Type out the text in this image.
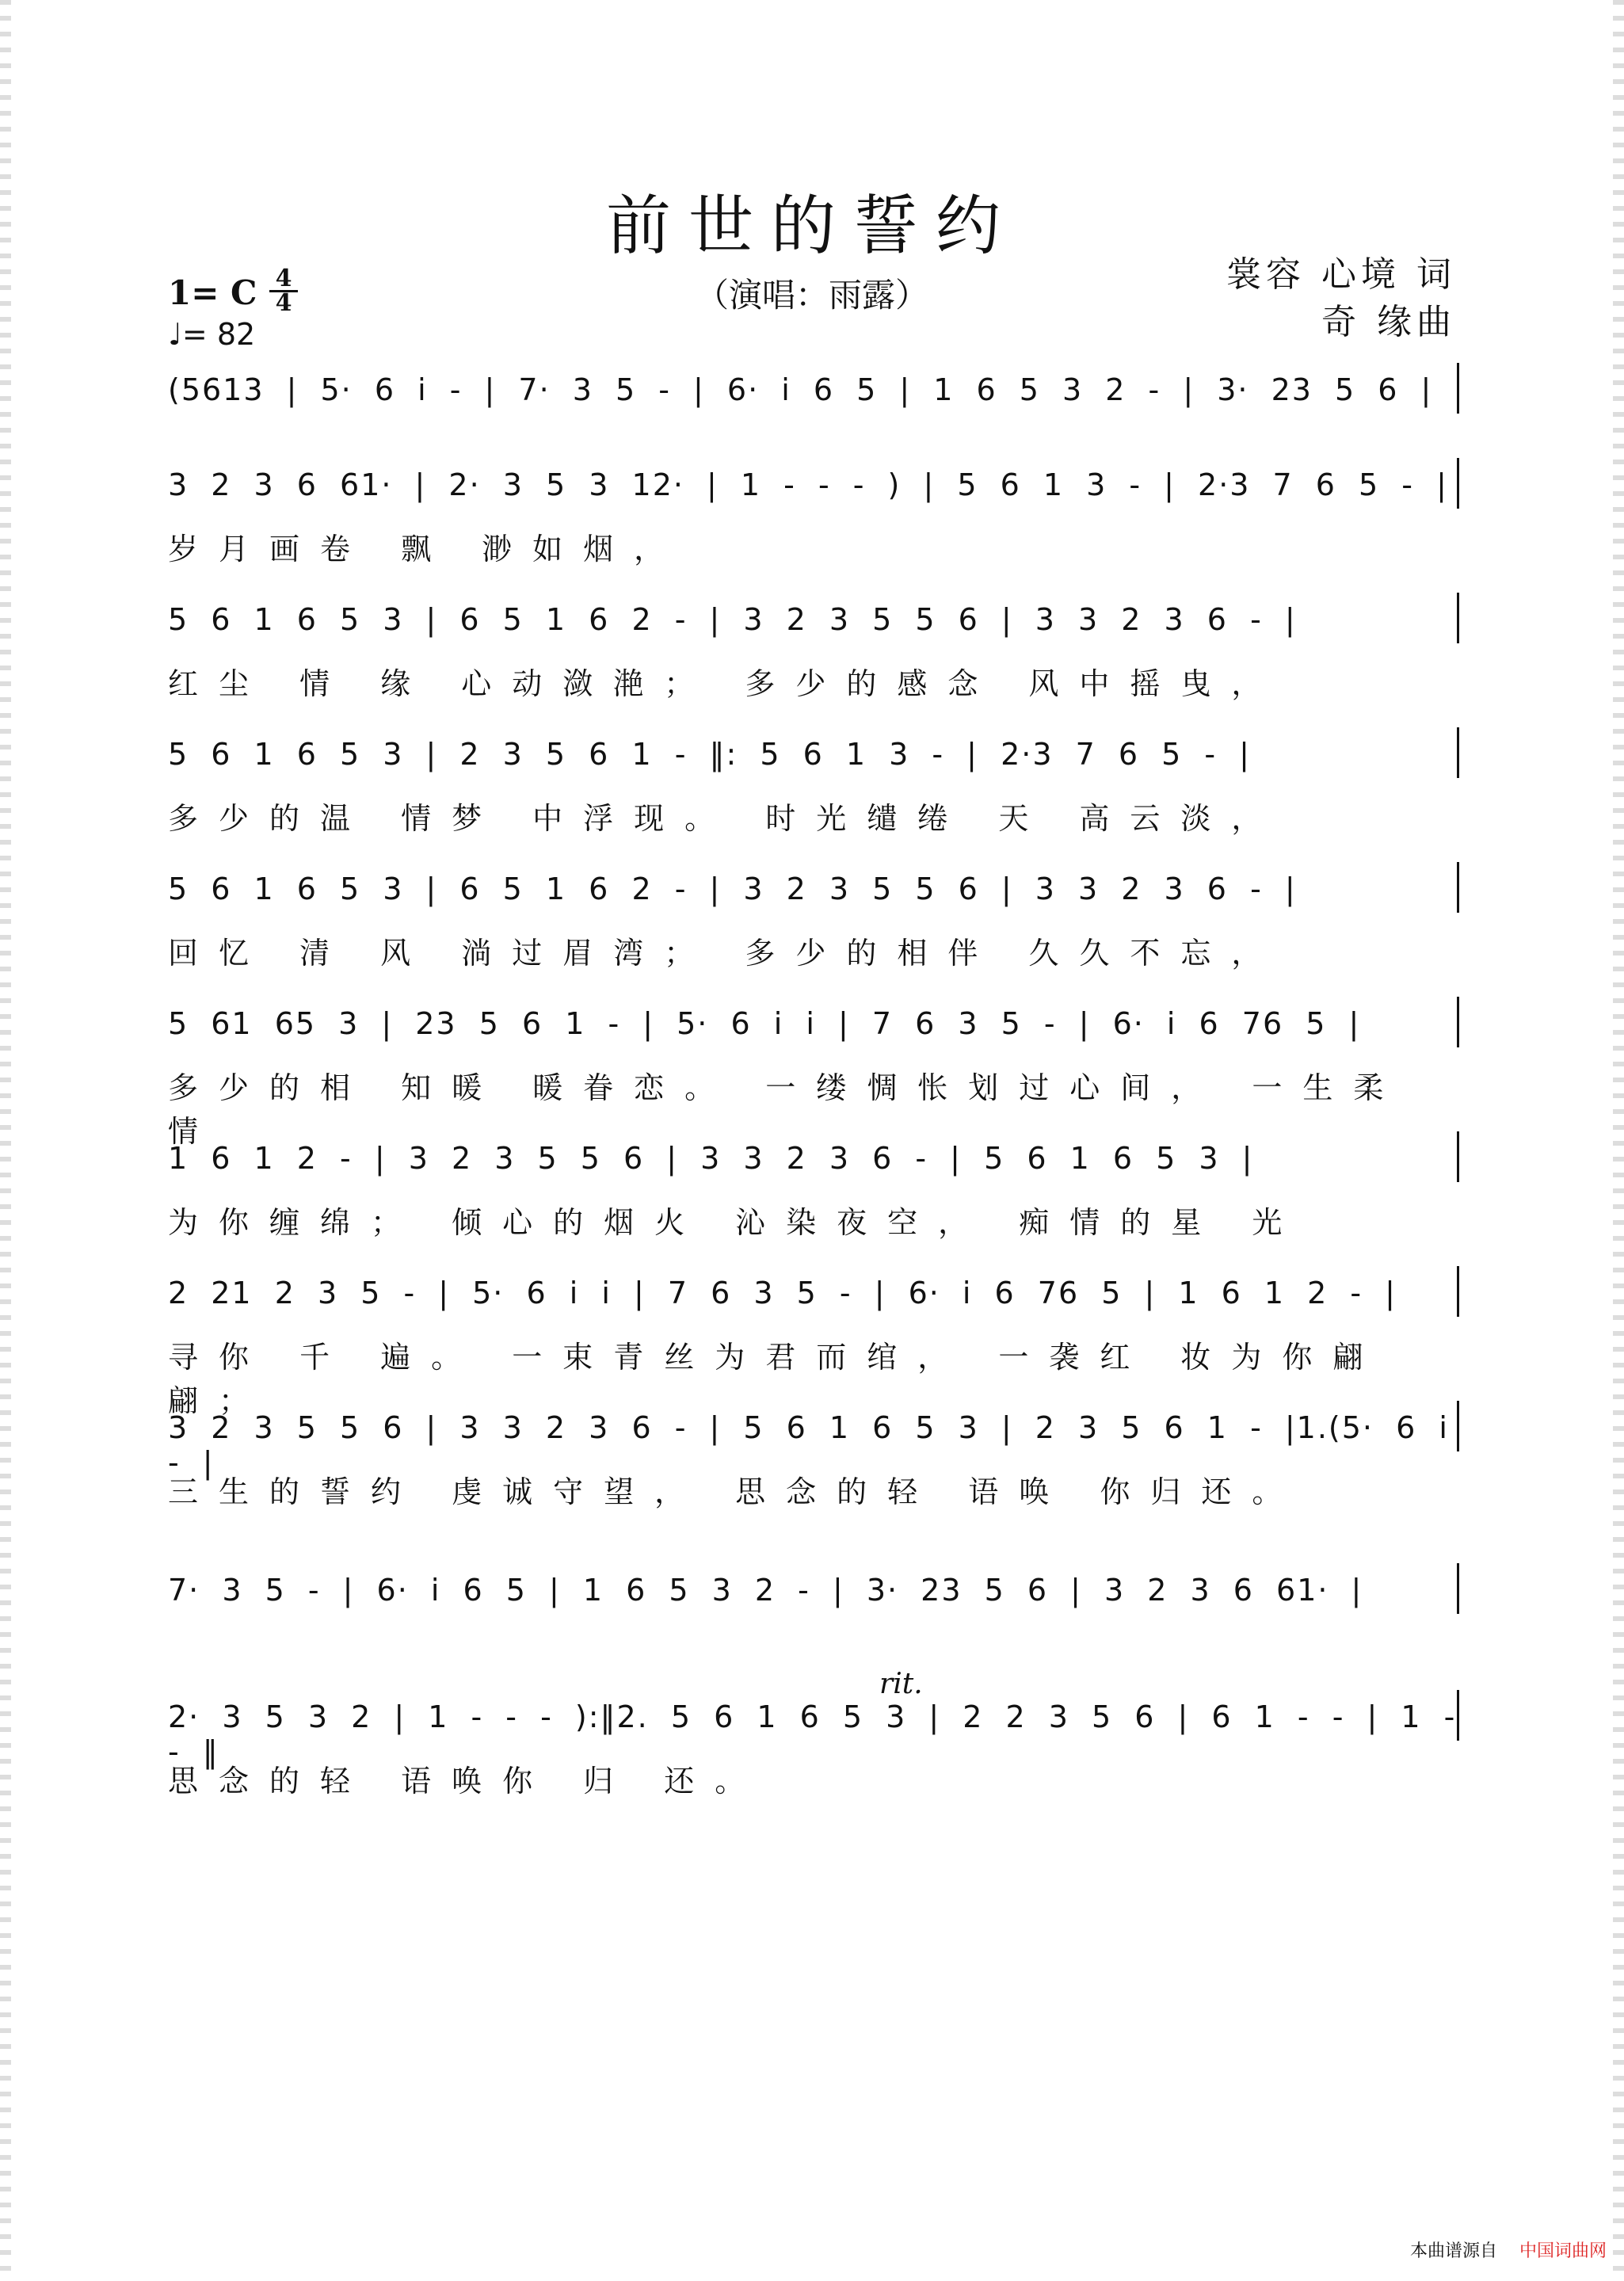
前世的誓约
（演唱：雨露）
裳容 心境 词
奇 缘曲
1= C 4
4
♩= 82
(5613 | 5· 6 i - | 7· 3 5 - | 6· i 6 5 | 1 6 5 3 2 - | 3· 23 5 6 |
3 2 3 6 61· | 2· 3 5 3 12· | 1 - - - ) | 5 6 1 3 - | 2·3 7 6 5 - |
岁月画卷 飘 渺如烟，
5 6 1 6 5 3 | 6 5 1 6 2 - | 3 2 3 5 5 6 | 3 3 2 3 6 - |
红尘 情 缘 心动潋滟； 多少的感念 风中摇曳，
5 6 1 6 5 3 | 2 3 5 6 1 - ‖: 5 6 1 3 - | 2·3 7 6 5 - |
多少的温 情梦 中浮现。 时光缱绻 天 高云淡，
5 6 1 6 5 3 | 6 5 1 6 2 - | 3 2 3 5 5 6 | 3 3 2 3 6 - |
回忆 清 风 淌过眉湾； 多少的相伴 久久不忘，
5 61 65 3 | 23 5 6 1 - | 5· 6 i i | 7 6 3 5 - | 6· i 6 76 5 |
多少的相 知暖 暖眷恋。 一缕惆怅划过心间， 一生柔 情
1 6 1 2 - | 3 2 3 5 5 6 | 3 3 2 3 6 - | 5 6 1 6 5 3 |
为你缠绵； 倾心的烟火 沁染夜空， 痴情的星 光
2 21 2 3 5 - | 5· 6 i i | 7 6 3 5 - | 6· i 6 76 5 | 1 6 1 2 - |
寻你 千 遍。 一束青丝为君而绾， 一袭红 妆为你翩翩；
3 2 3 5 5 6 | 3 3 2 3 6 - | 5 6 1 6 5 3 | 2 3 5 6 1 - |1.(5· 6 i - |
三生的誓约 虔诚守望， 思念的轻 语唤 你归还。
7· 3 5 - | 6· i 6 5 | 1 6 5 3 2 - | 3· 23 5 6 | 3 2 3 6 61· |
2· 3 5 3 2 | 1 - - - ):‖2. 5 6 1 6 5 3 | 2 2 3 5 6 | 6 1 - - | 1 - - ‖
思念的轻 语唤你 归 还。
rit.
本曲谱源自 中国词曲网
